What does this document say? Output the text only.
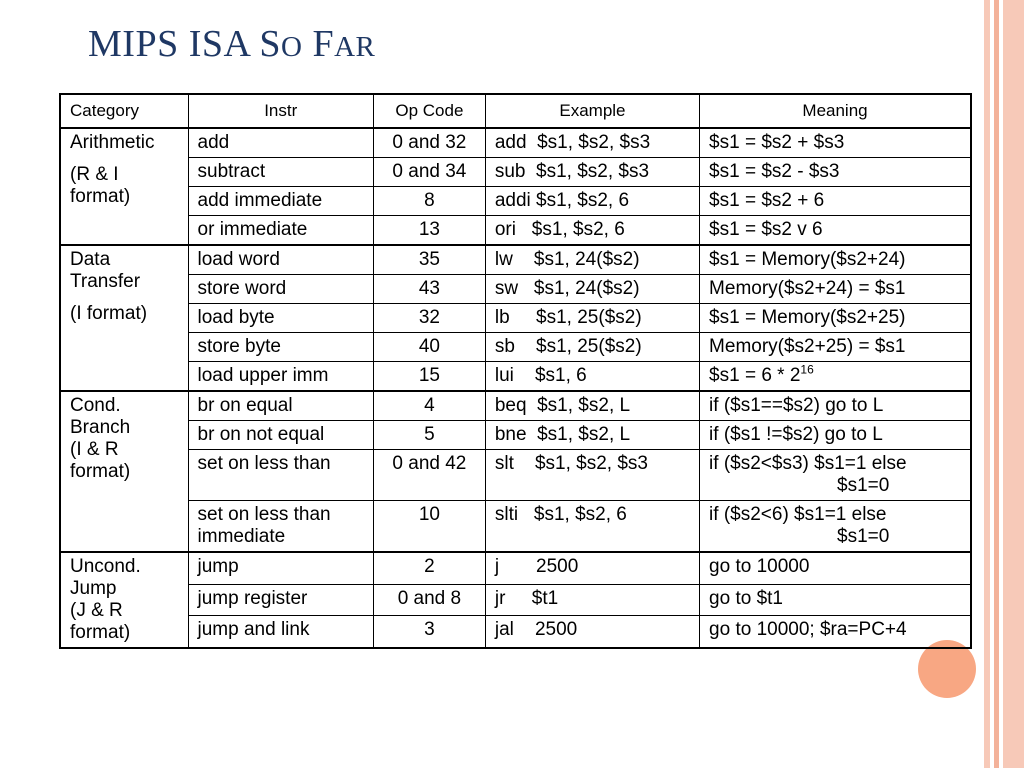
MIPS ISA SO FAR
Category	Instr	Op Code	Example	Meaning

Arithmetic
(R & I
format)	add	0 and 32	add  $s1, $s2, $s3	$s1 = $s2 + $s3
	subtract	0 and 34	sub  $s1, $s2, $s3	$s1 = $s2 - $s3
	add immediate	8	addi $s1, $s2, 6	$s1 = $s2 + 6
	or immediate	13	ori   $s1, $s2, 6	$s1 = $s2 v 6

Data
Transfer
(I format)	load word	35	lw    $s1, 24($s2)	$s1 = Memory($s2+24)
	store word	43	sw   $s1, 24($s2)	Memory($s2+24) = $s1
	load byte	32	lb     $s1, 25($s2)	$s1 = Memory($s2+25)
	store byte	40	sb    $s1, 25($s2)	Memory($s2+25) = $s1
	load upper imm	15	lui    $s1, 6	$s1 = $6 * 2^{16}$

Cond.
Branch
(I & R
format)	br on equal	4	beq  $s1, $s2, L	if ($s1==$s2) go to L
	br on not equal	5	bne  $s1, $s2, L	if ($s1 !=$s2) go to L
	set on less than	0 and 42	slt    $s1, $s2, $s3	if ($s2<$s3) $s1=1 else
$s1=0

	set on less than immediate	10	slti   $s1, $s2, 6	if ($s2<6) $s1=1 else
$s1=0

Uncond.
Jump
(J & R
format)	jump	2	j       2500	go to 10000
	jump register	0 and 8	jr     $t1	go to $t1
	jump and link	3	jal    2500	go to 10000; $ra=PC+4
